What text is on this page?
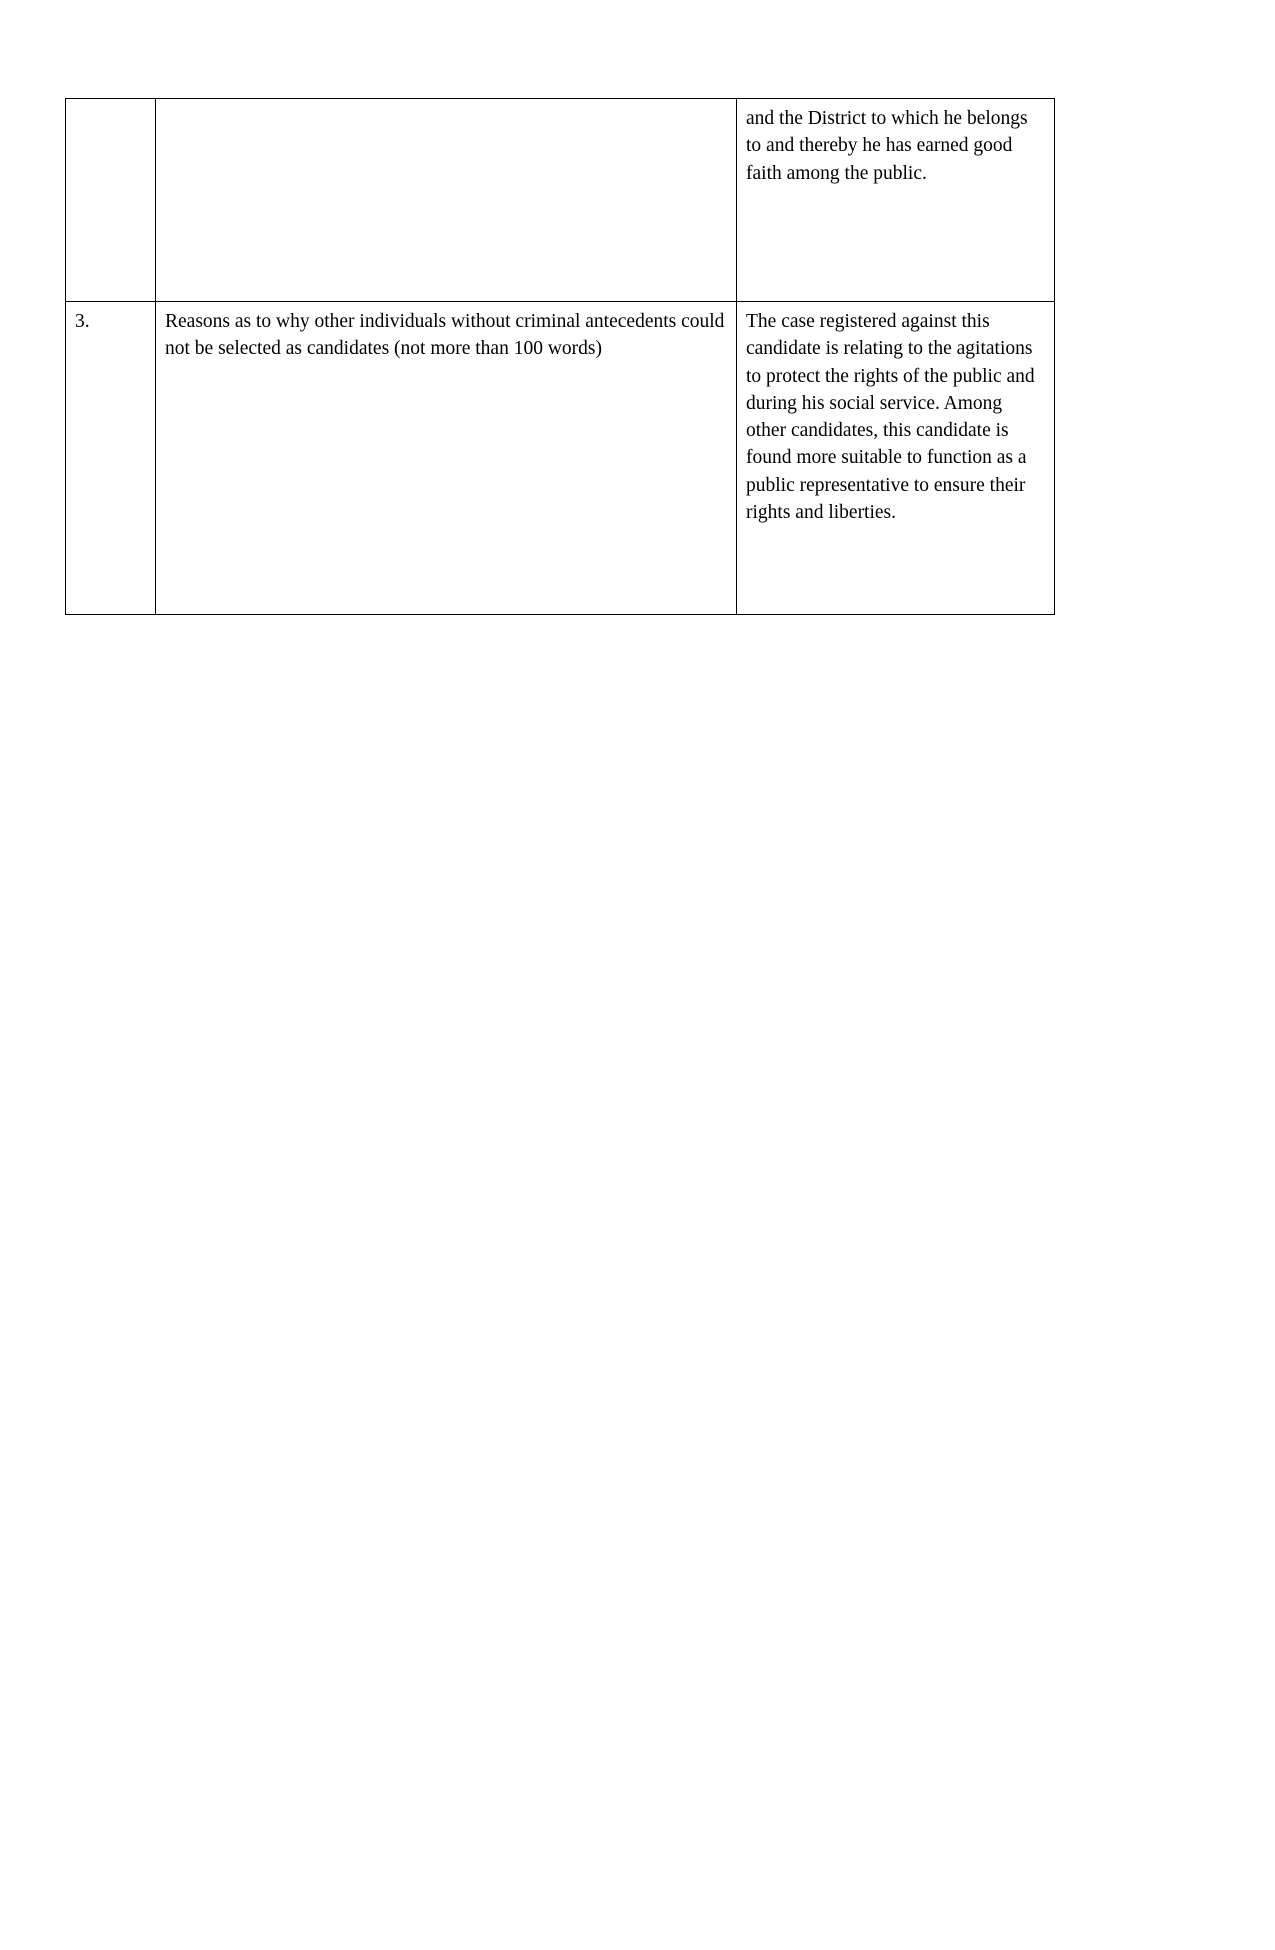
		and the District to which he belongs to and thereby he has earned good faith among the public.

3.	Reasons as to why other individuals without criminal antecedents could not be selected as candidates (not more than 100 words)	The case registered against this candidate is relating to the agitations to protect the rights of the public and during his social service. Among other candidates, this candidate is found more suitable to function as a public representative to ensure their rights and liberties.
